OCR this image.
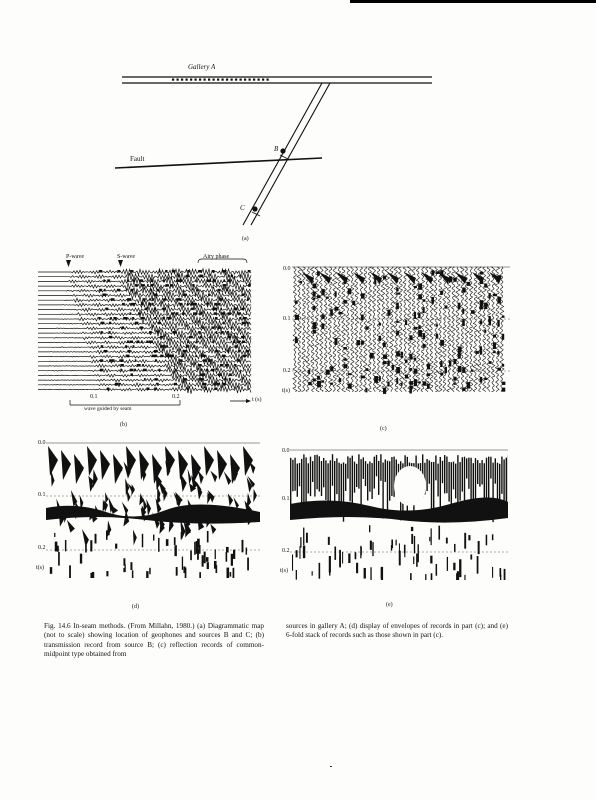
Gallery A
Fault
B
C
(a)
P-wave	S-wave	Airy phase
0.1	0.2	t (s)
wave guided by seam
(b)
0.0
0.1
0.2
t(s)
(c)
0.0
0.1
0.2
t(s)
(d)
0.0
0.1
0.2
t(s)
(e)
Fig. 14.6 In-seam methods. (From Millahn, 1980.) (a) Diagrammatic map (not to scale) showing location of geophones and sources B and C; (b) transmission record from source B; (c) reflection records of common-midpoint type obtained from
sources in gallery A; (d) display of envelopes of records in part (c); and (e) 6-fold stack of records such as those shown in part (c).
